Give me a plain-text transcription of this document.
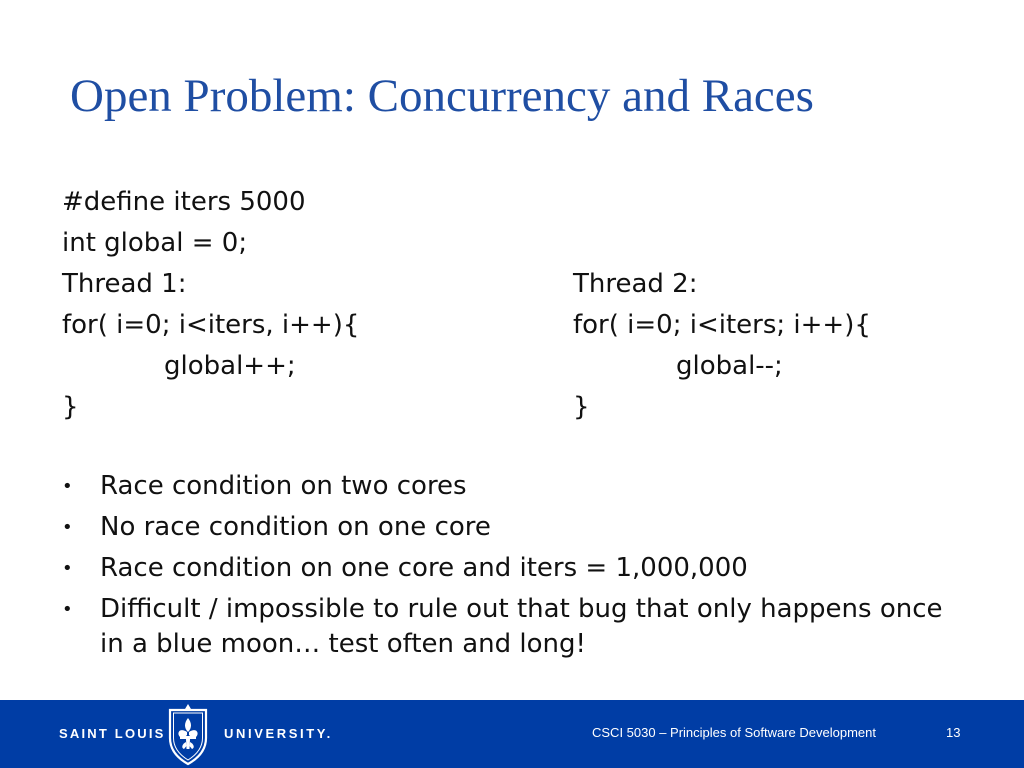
Open Problem: Concurrency and Races
#define iters 5000
int global = 0;
Thread 1:	Thread 2:
for( i=0; i<iters, i++){	for( i=0; i<iters; i++){
global++;	global--;
}	}
• Race condition on two cores
• No race condition on one core
• Race condition on one core and iters = 1,000,000
• Difficult / impossible to rule out that bug that only happens once in a blue moon… test often and long!
SAINT LOUIS	UNIVERSITY.	CSCI 5030 – Principles of Software Development	13
